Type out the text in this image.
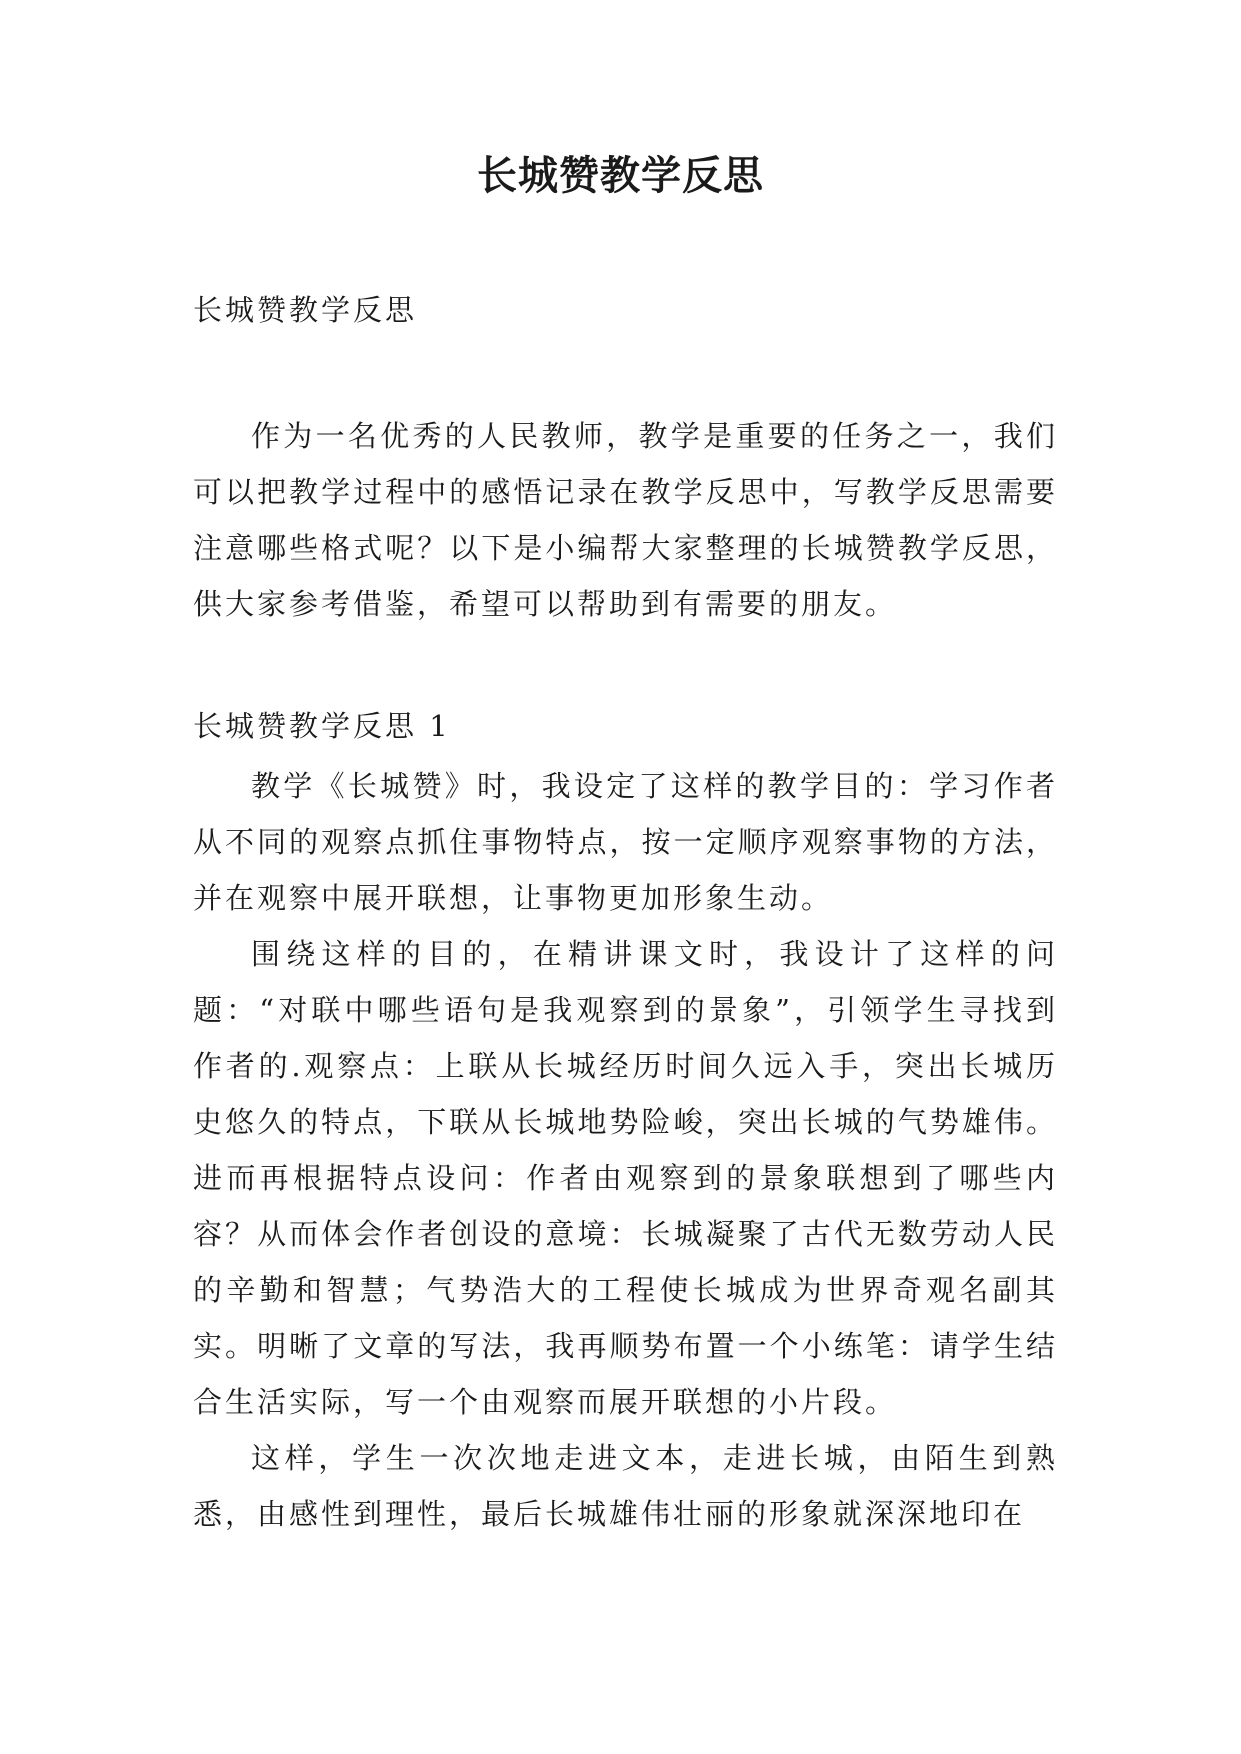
长城赞教学反思
长城赞教学反思

作为一名优秀的人民教师，教学是重要的任务之一，我们可以把教学过程中的感悟记录在教学反思中，写教学反思需要注意哪些格式呢？以下是小编帮大家整理的长城赞教学反思，供大家参考借鉴，希望可以帮助到有需要的朋友。

长城赞教学反思 1

教学《长城赞》时，我设定了这样的教学目的：学习作者从不同的观察点抓住事物特点，按一定顺序观察事物的方法，并在观察中展开联想，让事物更加形象生动。

围绕这样的目的，在精讲课文时，我设计了这样的问题：“对联中哪些语句是我观察到的景象”，引领学生寻找到作者的.观察点：上联从长城经历时间久远入手，突出长城历史悠久的特点，下联从长城地势险峻，突出长城的气势雄伟。进而再根据特点设问：作者由观察到的景象联想到了哪些内容？从而体会作者创设的意境：长城凝聚了古代无数劳动人民的辛勤和智慧；气势浩大的工程使长城成为世界奇观名副其实。明晰了文章的写法，我再顺势布置一个小练笔：请学生结合生活实际，写一个由观察而展开联想的小片段。

这样，学生一次次地走进文本，走进长城，由陌生到熟悉，由感性到理性，最后长城雄伟壮丽的形象就深深地印在
